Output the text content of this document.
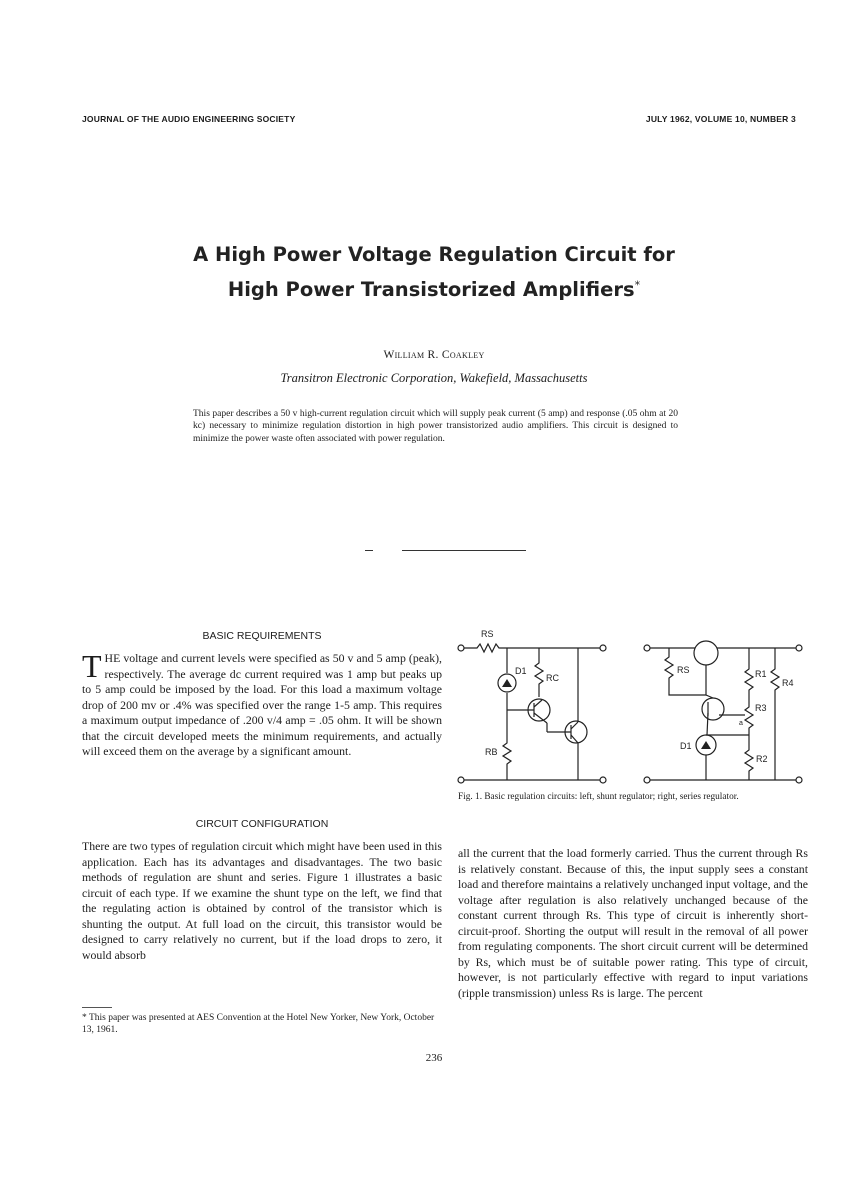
JOURNAL OF THE AUDIO ENGINEERING SOCIETY	JULY 1962, VOLUME 10, NUMBER 3
A High Power Voltage Regulation Circuit for
High Power Transistorized Amplifiers*
William R. Coakley
Transitron Electronic Corporation, Wakefield, Massachusetts
This paper describes a 50 v high-current regulation circuit which will supply peak current (5 amp) and response (.05 ohm at 20 kc) necessary to minimize regulation distortion in high power transistorized audio amplifiers. This circuit is designed to minimize the power waste often associated with power regulation.
BASIC REQUIREMENTS
THE voltage and current levels were specified as 50 v and 5 amp (peak), respectively. The average dc current required was 1 amp but peaks up to 5 amp could be imposed by the load. For this load a maximum voltage drop of 200 mv or .4% was specified over the range 1-5 amp. This requires a maximum output impedance of .200 v/4 amp = .05 ohm. It will be shown that the circuit developed meets the minimum requirements, and actually will exceed them on the average by a significant amount.
CIRCUIT CONFIGURATION
There are two types of regulation circuit which might have been used in this application. Each has its advantages and disadvantages. The two basic methods of regulation are shunt and series. Figure 1 illustrates a basic circuit of each type. If we examine the shunt type on the left, we find that the regulating action is obtained by control of the transistor which is shunting the output. At full load on the circuit, this transistor would be designed to carry relatively no current, but if the load drops to zero, it would absorb
* This paper was presented at AES Convention at the Hotel New Yorker, New York, October 13, 1961.
all the current that the load formerly carried. Thus the current through Rs is relatively constant. Because of this, the input supply sees a constant load and therefore maintains a relatively unchanged input voltage, and the voltage after regulation is also relatively unchanged because of the constant current through Rs. This type of circuit is inherently short-circuit-proof. Shorting the output will result in the removal of all power from regulating components. The short circuit current will be determined by Rs, which must be of suitable power rating. This type of circuit, however, is not particularly effective with regard to input variations (ripple transmission) unless Rs is large. The percent
RS
D1
RC
RB
RS	R1
R4
R3
a
D1
R2
Fig. 1. Basic regulation circuits: left, shunt regulator; right, series regulator.
236
